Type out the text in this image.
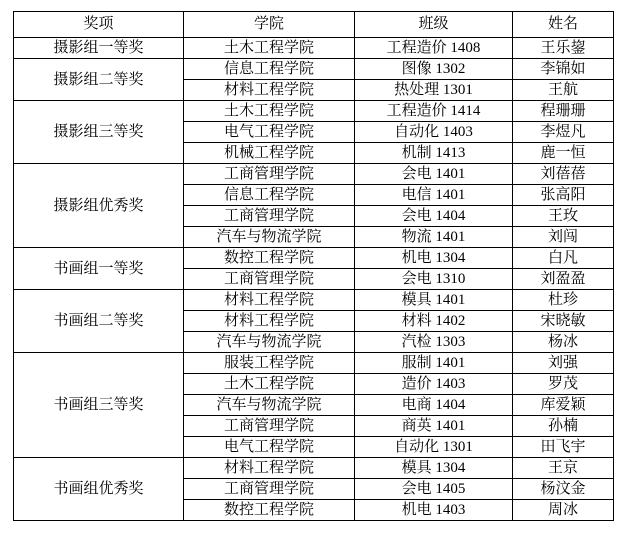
奖项	学院	班级	姓名
摄影组一等奖	土木工程学院	工程造价 1408	王乐鋆
摄影组二等奖	信息工程学院	图像 1302	李锦如
	材料工程学院	热处理 1301	王航
摄影组三等奖	土木工程学院	工程造价 1414	程珊珊
	电气工程学院	自动化 1403	李煜凡
	机械工程学院	机制 1413	鹿一恒
摄影组优秀奖	工商管理学院	会电 1401	刘蓓蓓
	信息工程学院	电信 1401	张高阳
	工商管理学院	会电 1404	王玫
	汽车与物流学院	物流 1401	刘闯
书画组一等奖	数控工程学院	机电 1304	白凡
	工商管理学院	会电 1310	刘盈盈
书画组二等奖	材料工程学院	模具 1401	杜珍
	材料工程学院	材料 1402	宋晓敏
	汽车与物流学院	汽检 1303	杨冰
书画组三等奖	服装工程学院	服制 1401	刘强
	土木工程学院	造价 1403	罗茂
	汽车与物流学院	电商 1404	库爱颖
	工商管理学院	商英 1401	孙楠
	电气工程学院	自动化 1301	田飞宇
书画组优秀奖	材料工程学院	模具 1304	王京
	工商管理学院	会电 1405	杨汶金
	数控工程学院	机电 1403	周冰
